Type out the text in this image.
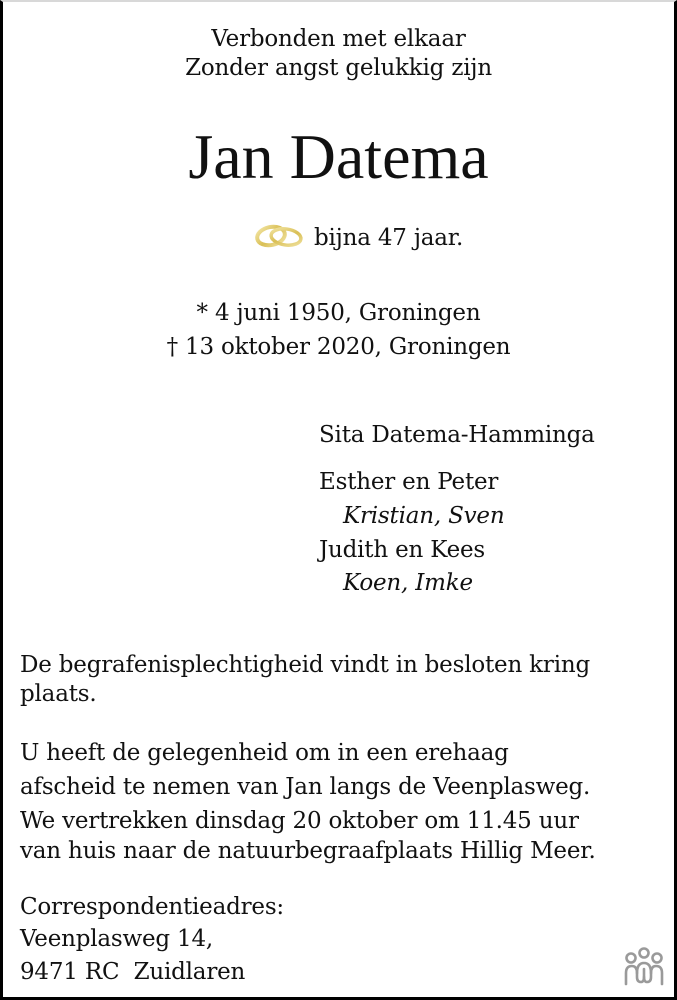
Verbonden met elkaar
Zonder angst gelukkig zijn
Jan Datema
bijna 47 jaar.
* 4 juni 1950, Groningen
† 13 oktober 2020, Groningen
Sita Datema-Hamminga
Esther en Peter
Kristian, Sven
Judith en Kees
Koen, Imke
De begrafenisplechtigheid vindt in besloten kring
plaats.
U heeft de gelegenheid om in een erehaag
afscheid te nemen van Jan langs de Veenplasweg.
We vertrekken dinsdag 20 oktober om 11.45 uur
van huis naar de natuurbegraafplaats Hillig Meer.
Correspondentieadres:
Veenplasweg 14,
9471 RC  Zuidlaren
